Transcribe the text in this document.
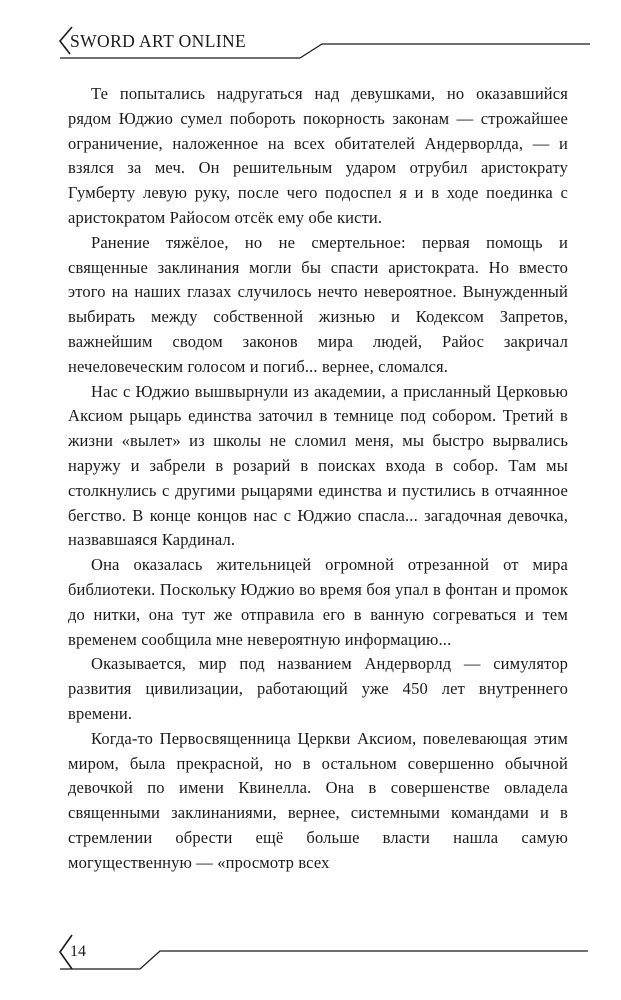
SWORD ART ONLINE

Те попытались надругаться над девушками, но оказавшийся рядом Юджио сумел побороть покорность законам — строжайшее ограничение, наложенное на всех обитателей Андерворлда, — и взялся за меч. Он решительным ударом отрубил аристократу Гумберту левую руку, после чего подоспел я и в ходе поединка с аристократом Райосом отсёк ему обе кисти.

Ранение тяжёлое, но не смертельное: первая помощь и священные заклинания могли бы спасти аристократа. Но вместо этого на наших глазах случилось нечто невероятное. Вынужденный выбирать между собственной жизнью и Кодексом Запретов, важнейшим сводом законов мира людей, Райос закричал нечеловеческим голосом и погиб... вернее, сломался.

Нас с Юджио вышвырнули из академии, а присланный Церковью Аксиом рыцарь единства заточил в темнице под собором. Третий в жизни «вылет» из школы не сломил меня, мы быстро вырвались наружу и забрели в розарий в поисках входа в собор. Там мы столкнулись с другими рыцарями единства и пустились в отчаянное бегство. В конце концов нас с Юджио спасла... загадочная девочка, назвавшаяся Кардинал.

Она оказалась жительницей огромной отрезанной от мира библиотеки. Поскольку Юджио во время боя упал в фонтан и промок до нитки, она тут же отправила его в ванную согреваться и тем временем сообщила мне невероятную информацию...

Оказывается, мир под названием Андерворлд — симулятор развития цивилизации, работающий уже 450 лет внутреннего времени.

Когда-то Первосвященница Церкви Аксиом, повелевающая этим миром, была прекрасной, но в остальном совершенно обычной девочкой по имени Квинелла. Она в совершенстве овладела священными заклинаниями, вернее, системными командами и в стремлении обрести ещё больше власти нашла самую могущественную — «просмотр всех

14
